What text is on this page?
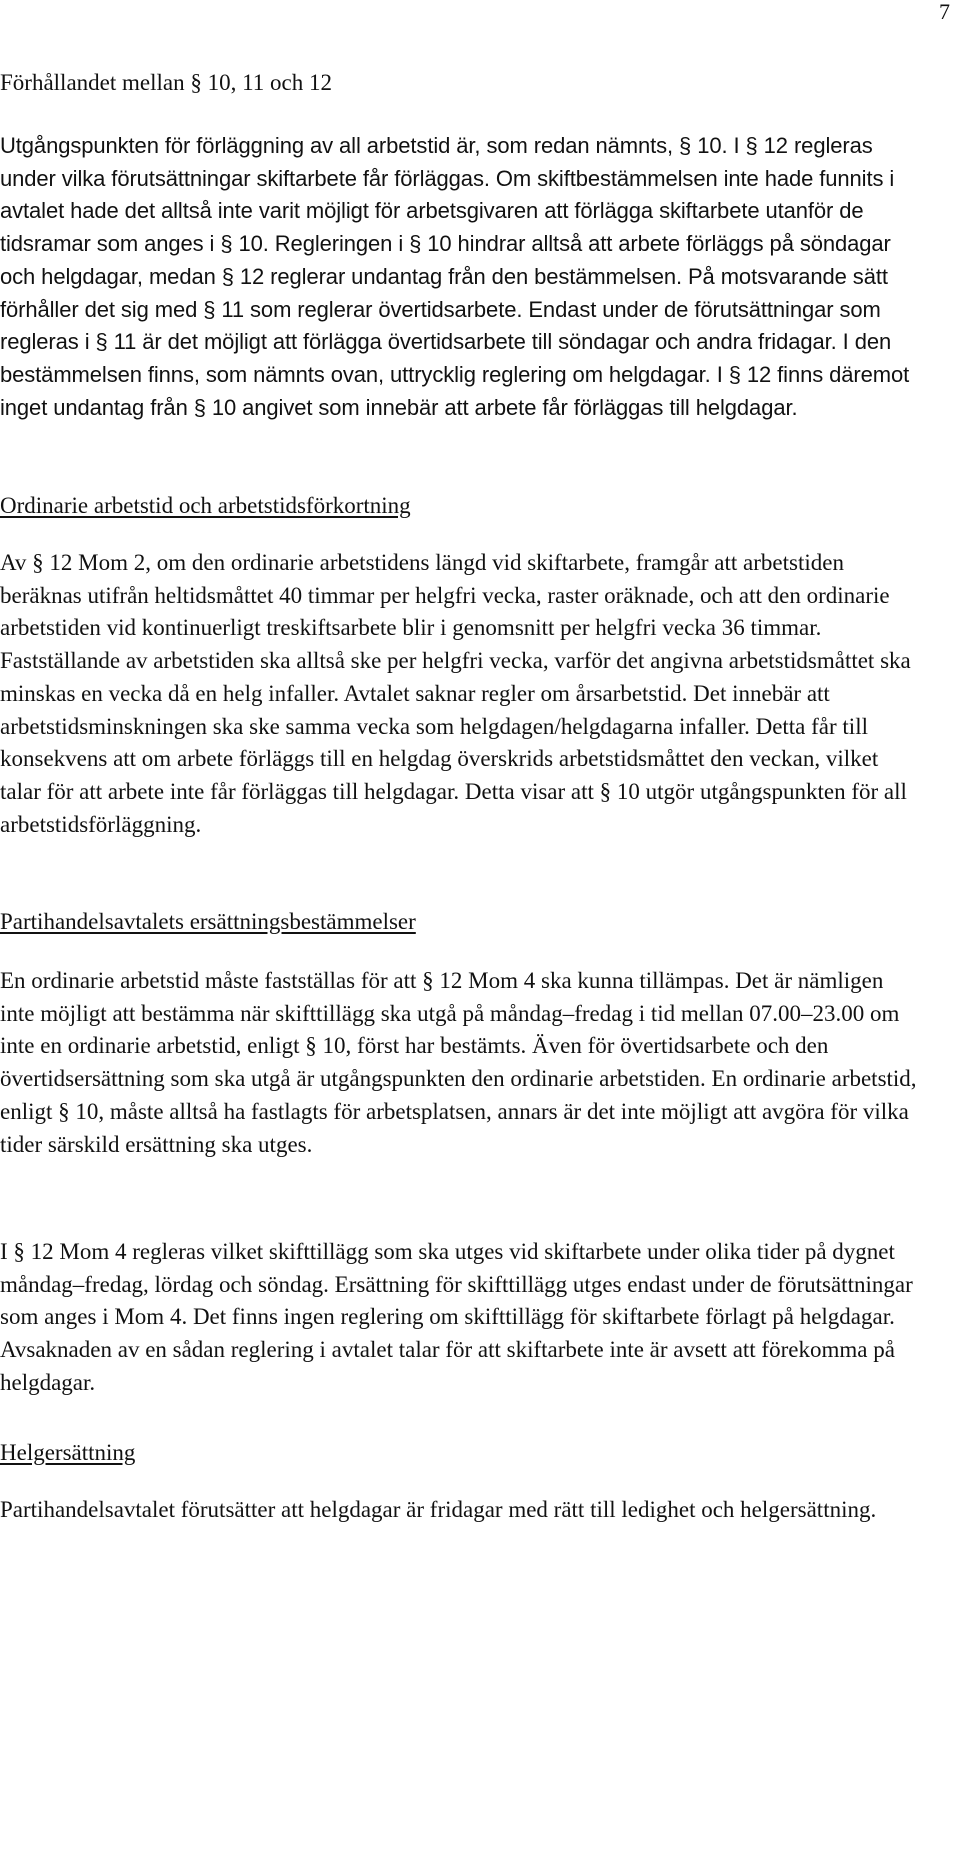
7
Förhållandet mellan § 10, 11 och 12

Utgångspunkten för förläggning av all arbetstid är, som redan nämnts, § 10. I § 12 regleras under vilka förutsättningar skiftarbete får förläggas. Om skiftbestämmelsen inte hade funnits i avtalet hade det alltså inte varit möjligt för arbetsgivaren att förlägga skiftarbete utanför de tidsramar som anges i § 10. Regleringen i § 10 hindrar alltså att arbete förläggs på söndagar och helgdagar, medan § 12 reglerar undantag från den bestämmelsen. På motsvarande sätt förhåller det sig med § 11 som reglerar övertidsarbete. Endast under de förutsättningar som regleras i § 11 är det möjligt att förlägga övertidsarbete till söndagar och andra fridagar. I den bestämmelsen finns, som nämnts ovan, uttrycklig reglering om helgdagar. I § 12 finns däremot inget undantag från § 10 angivet som innebär att arbete får förläggas till helgdagar.

Ordinarie arbetstid och arbetstidsförkortning

Av § 12 Mom 2, om den ordinarie arbetstidens längd vid skiftarbete, framgår att arbetstiden beräknas utifrån heltidsmåttet 40 timmar per helgfri vecka, raster oräknade, och att den ordinarie arbetstiden vid kontinuerligt treskiftsarbete blir i genomsnitt per helgfri vecka 36 timmar. Fastställande av arbetstiden ska alltså ske per helgfri vecka, varför det angivna arbetstidsmåttet ska minskas en vecka då en helg infaller. Avtalet saknar regler om årsarbetstid. Det innebär att arbetstidsminskningen ska ske samma vecka som helgdagen/helgdagarna infaller. Detta får till konsekvens att om arbete förläggs till en helgdag överskrids arbetstidsmåttet den veckan, vilket talar för att arbete inte får förläggas till helgdagar. Detta visar att § 10 utgör utgångspunkten för all arbetstidsförläggning.

Partihandelsavtalets ersättningsbestämmelser

En ordinarie arbetstid måste fastställas för att § 12 Mom 4 ska kunna tillämpas. Det är nämligen inte möjligt att bestämma när skifttillägg ska utgå på måndag–fredag i tid mellan 07.00–23.00 om inte en ordinarie arbetstid, enligt § 10, först har bestämts. Även för övertidsarbete och den övertidsersättning som ska utgå är utgångspunkten den ordinarie arbetstiden. En ordinarie arbetstid, enligt § 10, måste alltså ha fastlagts för arbetsplatsen, annars är det inte möjligt att avgöra för vilka tider särskild ersättning ska utges.

I § 12 Mom 4 regleras vilket skifttillägg som ska utges vid skiftarbete under olika tider på dygnet måndag–fredag, lördag och söndag. Ersättning för skifttillägg utges endast under de förutsättningar som anges i Mom 4. Det finns ingen reglering om skifttillägg för skiftarbete förlagt på helgdagar. Avsaknaden av en sådan reglering i avtalet talar för att skiftarbete inte är avsett att förekomma på helgdagar.

Helgersättning

Partihandelsavtalet förutsätter att helgdagar är fridagar med rätt till ledighet och helgersättning.
